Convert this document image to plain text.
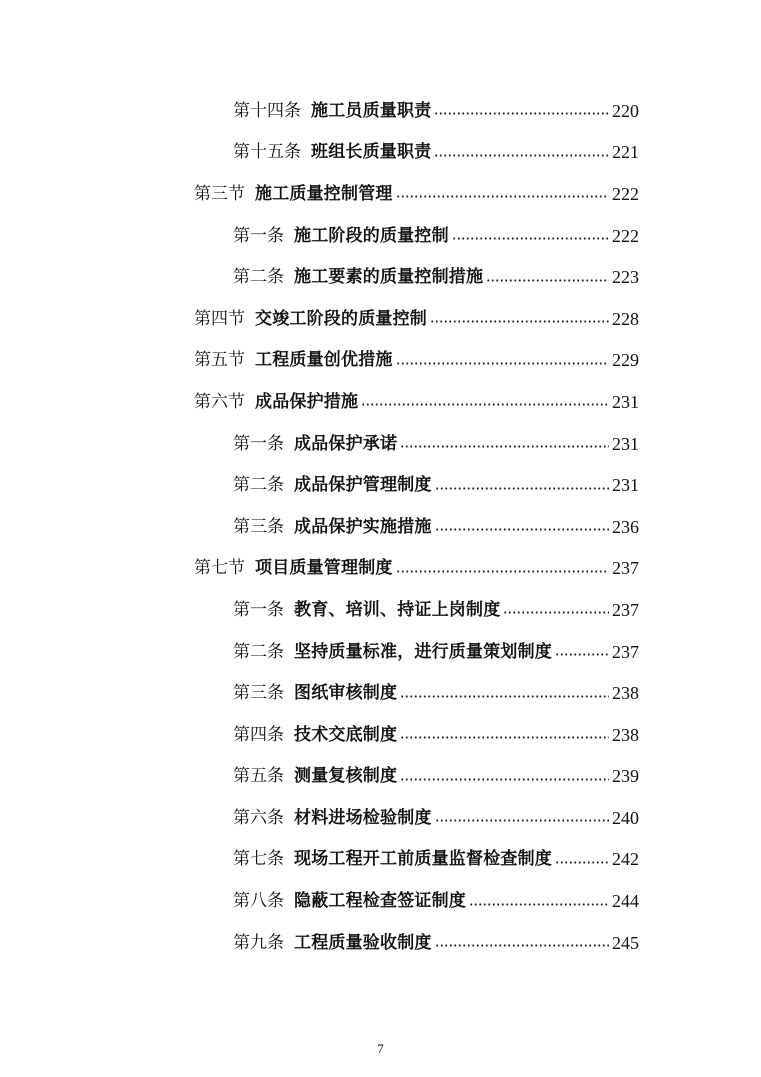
第十四条 施工员质量职责	220
第十五条 班组长质量职责	221
第三节 施工质量控制管理	222
第一条 施工阶段的质量控制	222
第二条 施工要素的质量控制措施	223
第四节 交竣工阶段的质量控制	228
第五节 工程质量创优措施	229
第六节 成品保护措施	231
第一条 成品保护承诺	231
第二条 成品保护管理制度	231
第三条 成品保护实施措施	236
第七节 项目质量管理制度	237
第一条 教育、培训、持证上岗制度	237
第二条 坚持质量标准，进行质量策划制度	237
第三条 图纸审核制度	238
第四条 技术交底制度	238
第五条 测量复核制度	239
第六条 材料进场检验制度	240
第七条 现场工程开工前质量监督检查制度	242
第八条 隐蔽工程检查签证制度	244
第九条 工程质量验收制度	245
7
